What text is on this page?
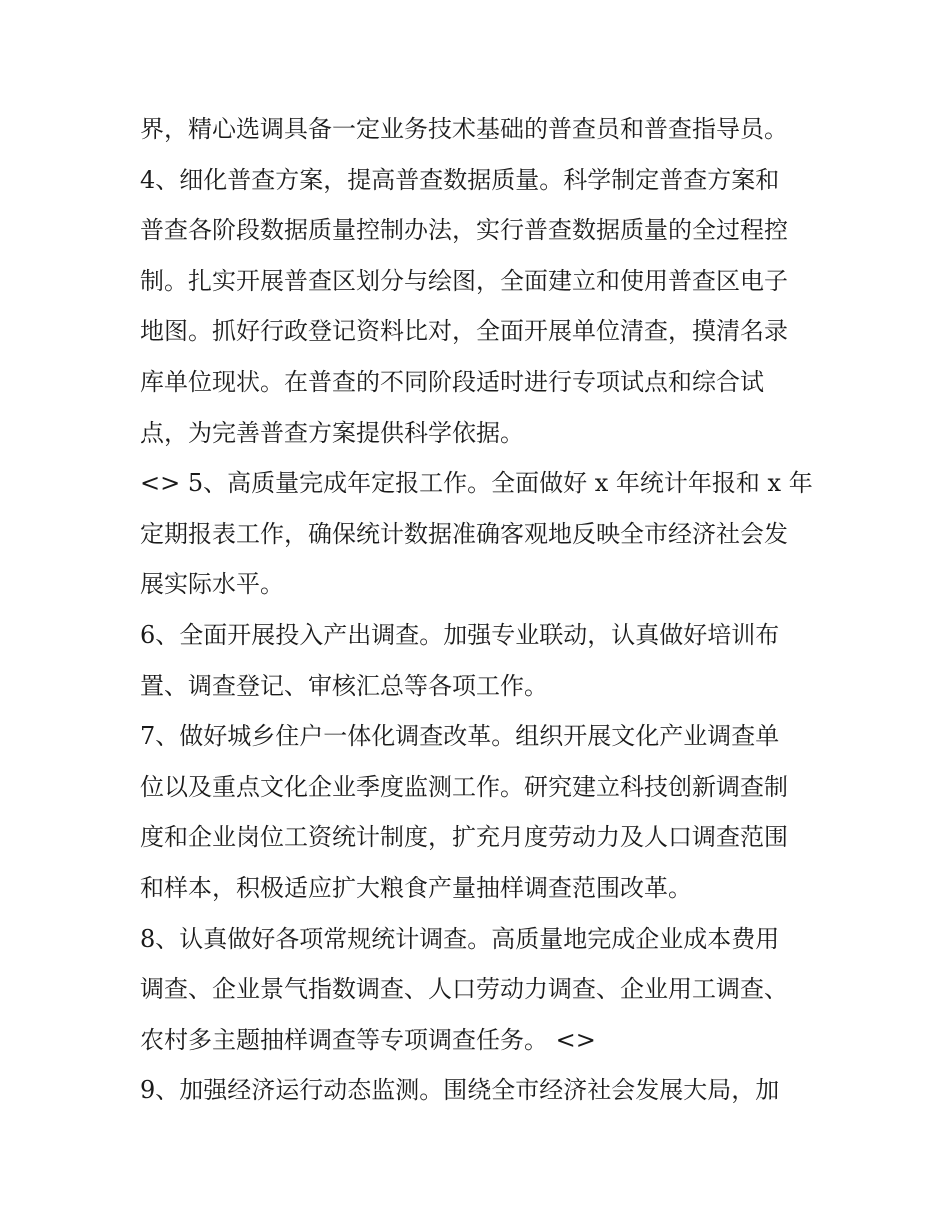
界，精心选调具备一定业务技术基础的普查员和普查指导员。

4、细化普查方案，提高普查数据质量。科学制定普查方案和
普查各阶段数据质量控制办法，实行普查数据质量的全过程控
制。扎实开展普查区划分与绘图，全面建立和使用普查区电子
地图。抓好行政登记资料比对，全面开展单位清查，摸清名录
库单位现状。在普查的不同阶段适时进行专项试点和综合试
点，为完善普查方案提供科学依据。

<> 5、高质量完成年定报工作。全面做好 x 年统计年报和 x 年
定期报表工作，确保统计数据准确客观地反映全市经济社会发
展实际水平。

6、全面开展投入产出调查。加强专业联动，认真做好培训布
置、调查登记、审核汇总等各项工作。

7、做好城乡住户一体化调查改革。组织开展文化产业调查单
位以及重点文化企业季度监测工作。研究建立科技创新调查制
度和企业岗位工资统计制度，扩充月度劳动力及人口调查范围
和样本，积极适应扩大粮食产量抽样调查范围改革。

8、认真做好各项常规统计调查。高质量地完成企业成本费用
调查、企业景气指数调查、人口劳动力调查、企业用工调查、
农村多主题抽样调查等专项调查任务。 <>

9、加强经济运行动态监测。围绕全市经济社会发展大局，加
